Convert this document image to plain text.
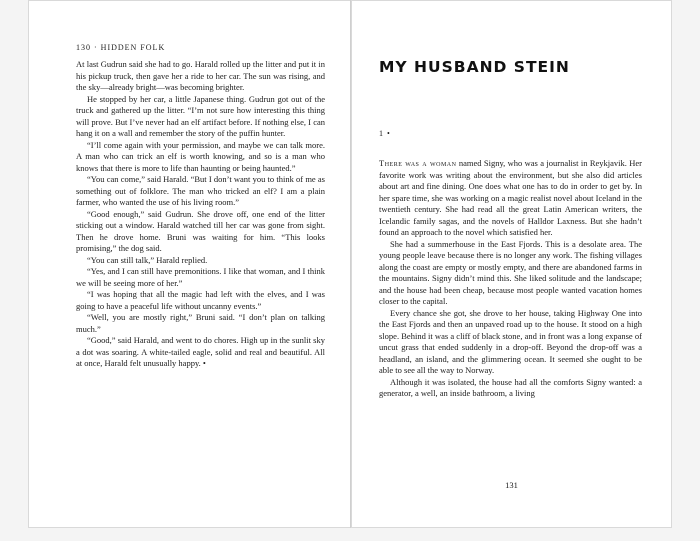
130 · HIDDEN FOLK

At last Gudrun said she had to go. Harald rolled up the litter and put it in his pickup truck, then gave her a ride to her car. The sun was rising, and the sky—already bright—was becoming brighter.

He stopped by her car, a little Japanese thing. Gudrun got out of the truck and gathered up the litter. “I’m not sure how interesting this thing will prove. But I’ve never had an elf artifact before. If nothing else, I can hang it on a wall and remember the story of the puffin hunter.

“I’ll come again with your permission, and maybe we can talk more. A man who can trick an elf is worth knowing, and so is a man who knows that there is more to life than haunting or being haunted.”

“You can come,” said Harald. “But I don’t want you to think of me as something out of folklore. The man who tricked an elf? I am a plain farmer, who wanted the use of his living room.”

“Good enough,” said Gudrun. She drove off, one end of the litter sticking out a window. Harald watched till her car was gone from sight. Then he drove home. Bruni was waiting for him. “This looks promising,” the dog said.

“You can still talk,” Harald replied.

“Yes, and I can still have premonitions. I like that woman, and I think we will be seeing more of her.”

“I was hoping that all the magic had left with the elves, and I was going to have a peaceful life without uncanny events.”

“Well, you are mostly right,” Bruni said. “I don’t plan on talking much.”

“Good,” said Harald, and went to do chores. High up in the sunlit sky a dot was soaring. A white-tailed eagle, solid and real and beautiful. All at once, Harald felt unusually happy. •

MY HUSBAND STEIN
1 •

There was a woman named Signy, who was a journalist in Reykjavik. Her favorite work was writing about the environment, but she also did articles about art and fine dining. One does what one has to do in order to get by. In her spare time, she was working on a magic realist novel about Iceland in the twentieth century. She had read all the great Latin American writers, the Icelandic family sagas, and the novels of Halldor Laxness. But she hadn’t found an approach to the novel which satisfied her.

She had a summerhouse in the East Fjords. This is a desolate area. The young people leave because there is no longer any work. The fishing villages along the coast are empty or mostly empty, and there are abandoned farms in the mountains. Signy didn’t mind this. She liked solitude and the landscape; and the house had been cheap, because most people wanted vacation homes closer to the capital.

Every chance she got, she drove to her house, taking Highway One into the East Fjords and then an unpaved road up to the house. It stood on a high slope. Behind it was a cliff of black stone, and in front was a long expanse of uncut grass that ended suddenly in a drop-off. Beyond the drop-off was a headland, an island, and the glimmering ocean. It seemed she ought to be able to see all the way to Norway.

Although it was isolated, the house had all the comforts Signy wanted: a generator, a well, an inside bathroom, a living

131
